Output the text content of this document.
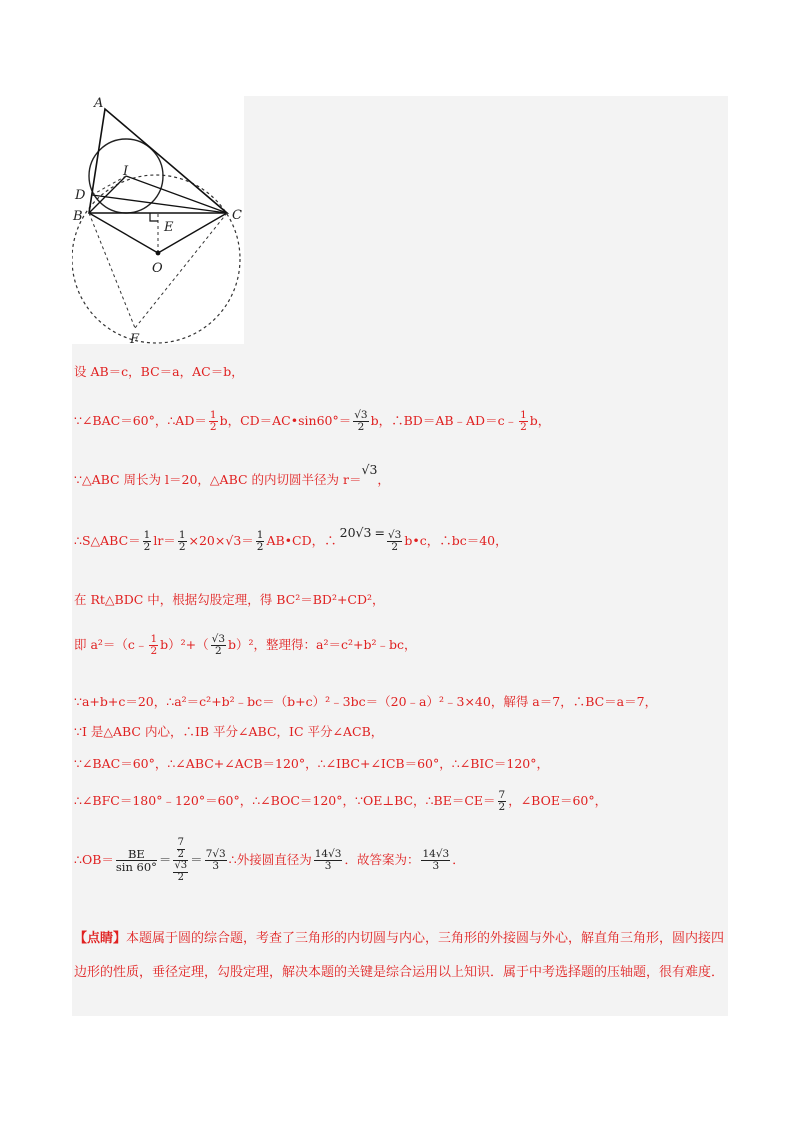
A
D
I
B	C
E
O
F
设 AB＝c，BC＝a，AC＝b，
∵∠BAC＝60°，∴AD＝ $\frac{1}{2}$ b，CD＝AC•sin60°＝ $\frac{√3}{2}$ b，∴BD＝AB﹣AD＝c﹣ $\frac{1}{2}$ b，
∵△ABC 周长为 l＝20，△ABC 的内切圆半径为 r＝√3，
∴S△ABC＝ $\frac{1}{2} lr= \frac{1}{2} \times 20\times√3= \frac{1}{2}$ AB•CD，∴20√3 = $\frac{√3}{2}$ b•c，∴bc＝40，
在 Rt△BDC 中，根据勾股定理，得 BC²＝BD²+CD²，
即 a²＝（c﹣ $\frac{1}{2} b)^2+( \frac{√3}{2} b)^2$，整理得：a²＝c²+b²﹣bc，
∵a+b+c＝20，∴a²＝c²+b²﹣bc＝（b+c）²﹣3bc＝（20﹣a）²﹣3×40，解得 a＝7，∴BC＝a＝7，
∵I 是△ABC 内心，∴IB 平分∠ABC，IC 平分∠ACB，
∵∠BAC＝60°，∴∠ABC+∠ACB＝120°，∴∠IBC+∠ICB＝60°，∴∠BIC＝120°，
∴∠BFC＝180°﹣120°＝60°，∴∠BOC＝120°，∵OE⊥BC，∴BE＝CE＝ $\frac{7}{2}$ ，∠BOE＝60°，
∴OB＝ $\frac{BE}{\sin 60^\circ} = \frac{\frac{7}{2}}{\frac{√3}{2}} = \frac{7√3}{3}$ ∴外接圆直径为 $\frac{14√3}{3}$ ．故答案为： $\frac{14√3}{3}$ ．
【点睛】本题属于圆的综合题，考查了三角形的内切圆与内心，三角形的外接圆与外心，解直角三角形，圆内接四边形的性质，垂径定理，勾股定理，解决本题的关键是综合运用以上知识．属于中考选择题的压轴题，很有难度．
